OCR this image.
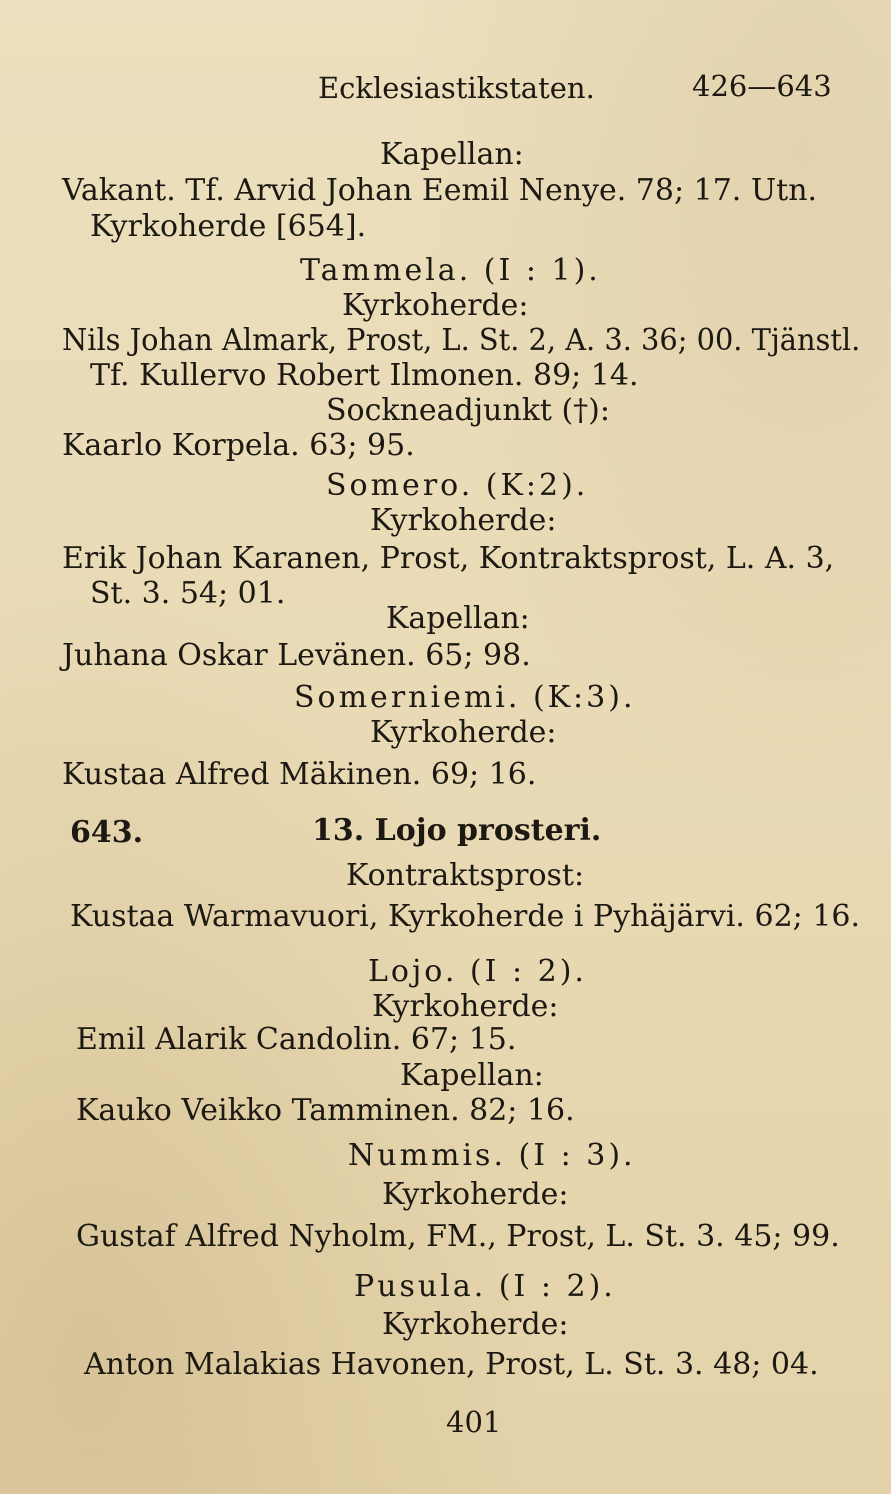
Ecklesiastikstaten.	426—643
Kapellan:
Vakant. Tf. Arvid Johan Eemil Nenye. 78; 17. Utn.
Kyrkoherde [654].
Tammela. (I : 1).
Kyrkoherde:
Nils Johan Almark, Prost, L. St. 2, A. 3. 36; 00. Tjänstl.
Tf. Kullervo Robert Ilmonen. 89; 14.
Sockneadjunkt (†):
Kaarlo Korpela. 63; 95.
Somero. (K:2).
Kyrkoherde:
Erik Johan Karanen, Prost, Kontraktsprost, L. A. 3,
St. 3. 54; 01.
Kapellan:
Juhana Oskar Levänen. 65; 98.
Somerniemi. (K:3).
Kyrkoherde:
Kustaa Alfred Mäkinen. 69; 16.
643.	13. Lojo prosteri.
Kontraktsprost:
Kustaa Warmavuori, Kyrkoherde i Pyhäjärvi. 62; 16.
Lojo. (I : 2).
Kyrkoherde:
Emil Alarik Candolin. 67; 15.
Kapellan:
Kauko Veikko Tamminen. 82; 16.
Nummis. (I : 3).
Kyrkoherde:
Gustaf Alfred Nyholm, FM., Prost, L. St. 3. 45; 99.
Pusula. (I : 2).
Kyrkoherde:
Anton Malakias Havonen, Prost, L. St. 3. 48; 04.
401
